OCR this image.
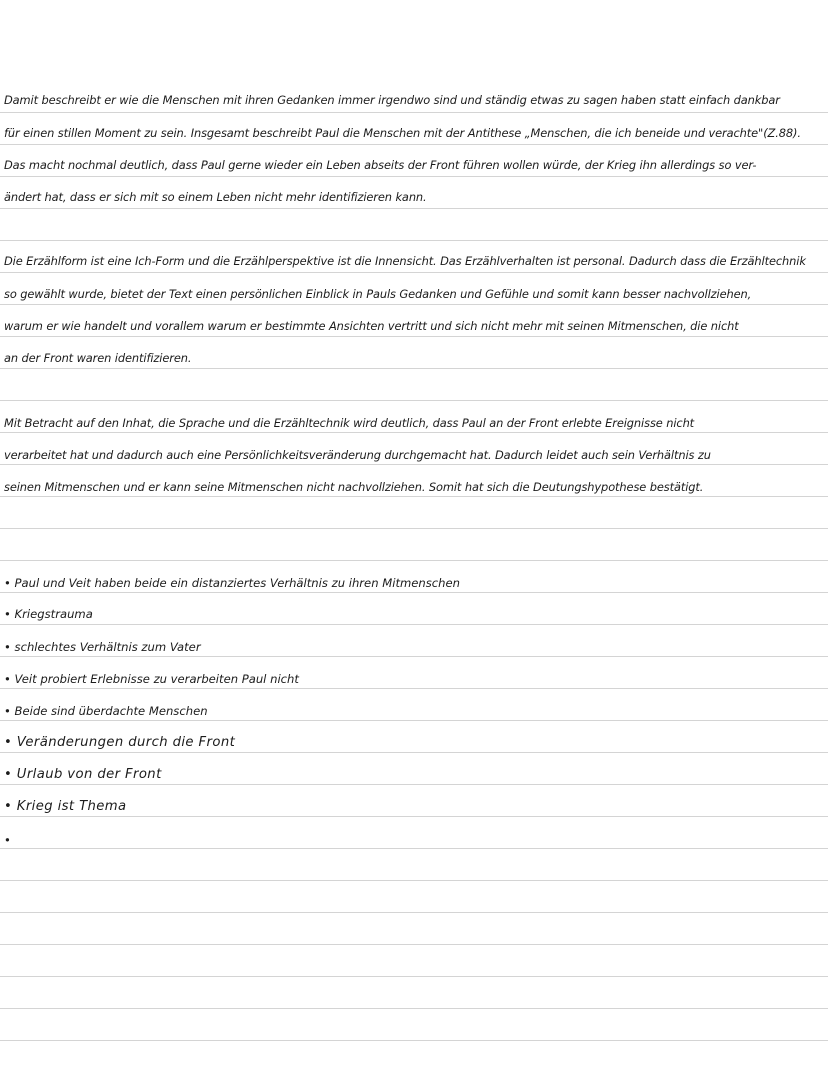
Damit beschreibt er wie die Menschen mit ihren Gedanken immer irgendwo sind und ständig etwas zu sagen haben statt einfach dankbar
für einen stillen Moment zu sein. Insgesamt beschreibt Paul die Menschen mit der Antithese „Menschen, die ich beneide und verachte"(Z.88).
Das macht nochmal deutlich, dass Paul gerne wieder ein Leben abseits der Front führen wollen würde, der Krieg ihn allerdings so ver-
ändert hat, dass er sich mit so einem Leben nicht mehr identifizieren kann.
Die Erzählform ist eine Ich-Form und die Erzählperspektive ist die Innensicht. Das Erzählverhalten ist personal. Dadurch dass die Erzähltechnik
so gewählt wurde, bietet der Text einen persönlichen Einblick in Pauls Gedanken und Gefühle und somit kann besser nachvollziehen,
warum er wie handelt und vorallem warum er bestimmte Ansichten vertritt und sich nicht mehr mit seinen Mitmenschen, die nicht
an der Front waren identifizieren.
Mit Betracht auf den Inhat, die Sprache und die Erzähltechnik wird deutlich, dass Paul an der Front erlebte Ereignisse nicht
verarbeitet hat und dadurch auch eine Persönlichkeitsveränderung durchgemacht hat. Dadurch leidet auch sein Verhältnis zu
seinen Mitmenschen und er kann seine Mitmenschen nicht nachvollziehen. Somit hat sich die Deutungshypothese bestätigt.
• Paul und Veit haben beide ein distanziertes Verhältnis zu ihren Mitmenschen
• Kriegstrauma
• schlechtes Verhältnis zum Vater
• Veit probiert Erlebnisse zu verarbeiten Paul nicht
• Beide sind überdachte Menschen
• Veränderungen durch die Front
• Urlaub von der Front
• Krieg ist Thema
•
